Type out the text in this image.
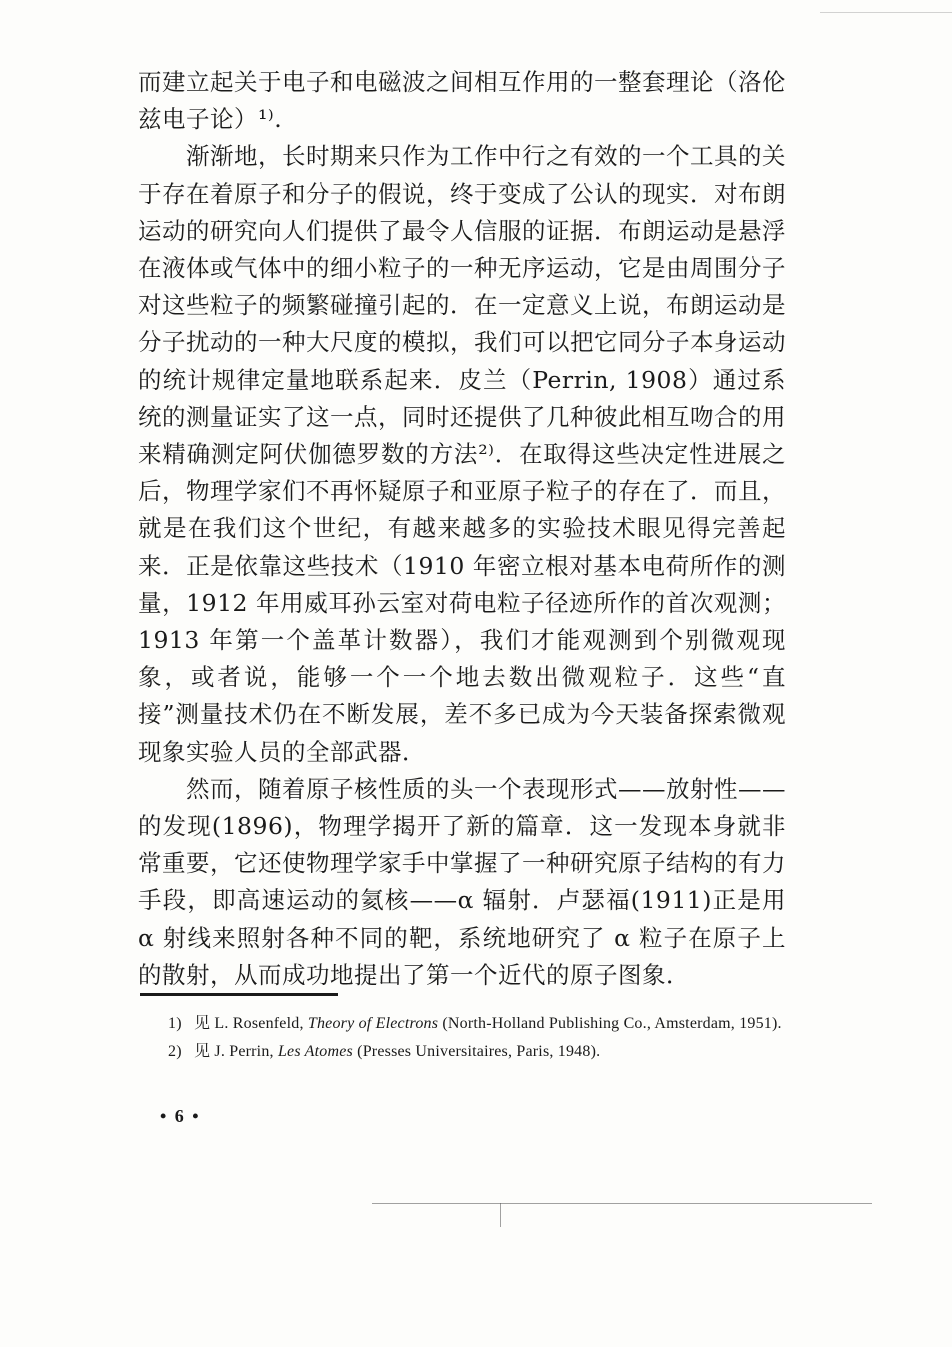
而建立起关于电子和电磁波之间相互作用的一整套理论（洛伦兹电子论）¹⁾.

渐渐地，长时期来只作为工作中行之有效的一个工具的关于存在着原子和分子的假说，终于变成了公认的现实．对布朗运动的研究向人们提供了最令人信服的证据．布朗运动是悬浮在液体或气体中的细小粒子的一种无序运动，它是由周围分子对这些粒子的频繁碰撞引起的．在一定意义上说，布朗运动是分子扰动的一种大尺度的模拟，我们可以把它同分子本身运动的统计规律定量地联系起来．皮兰（Perrin, 1908）通过系统的测量证实了这一点，同时还提供了几种彼此相互吻合的用来精确测定阿伏伽德罗数的方法²⁾．在取得这些决定性进展之后，物理学家们不再怀疑原子和亚原子粒子的存在了．而且，就是在我们这个世纪，有越来越多的实验技术眼见得完善起来．正是依靠这些技术（1910 年密立根对基本电荷所作的测量，1912 年用威耳孙云室对荷电粒子径迹所作的首次观测；1913 年第一个盖革计数器），我们才能观测到个别微观现象，或者说，能够一个一个地去数出微观粒子．这些“直接”测量技术仍在不断发展，差不多已成为今天装备探索微观现象实验人员的全部武器．

然而，随着原子核性质的头一个表现形式——放射性——的发现(1896)，物理学揭开了新的篇章．这一发现本身就非常重要，它还使物理学家手中掌握了一种研究原子结构的有力手段，即高速运动的氦核——α 辐射．卢瑟福(1911)正是用 α 射线来照射各种不同的靶，系统地研究了 α 粒子在原子上的散射，从而成功地提出了第一个近代的原子图象．

1) 见 L. Rosenfeld, Theory of Electrons (North-Holland Publishing Co., Amsterdam, 1951).

2) 见 J. Perrin, Les Atomes (Presses Universitaires, Paris, 1948).

• 6 •
